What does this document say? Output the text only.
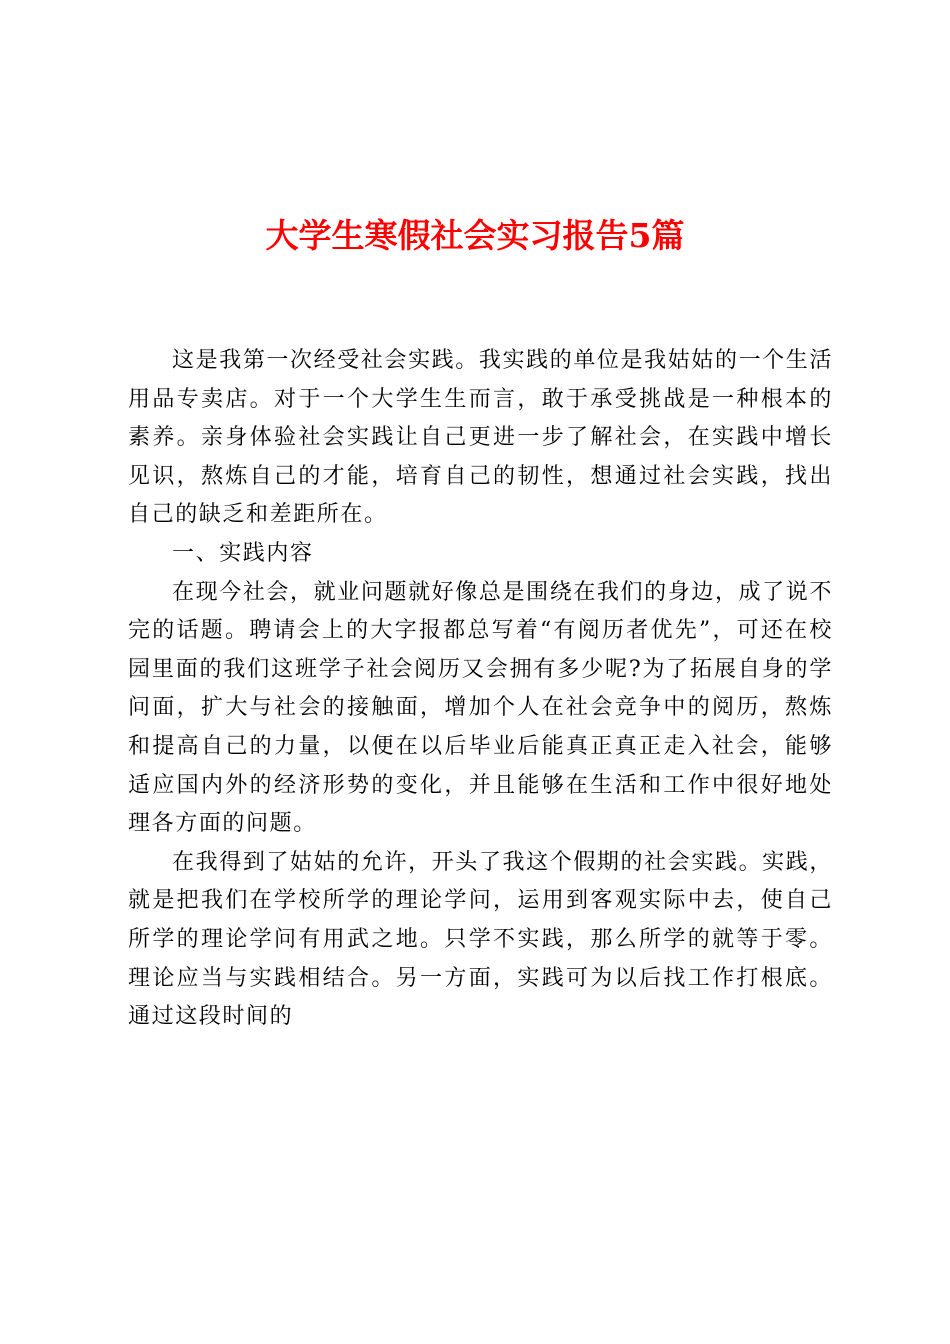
大学生寒假社会实习报告5篇

这是我第一次经受社会实践。我实践的单位是我姑姑的一个生活用品专卖店。对于一个大学生生而言，敢于承受挑战是一种根本的素养。亲身体验社会实践让自己更进一步了解社会，在实践中增长见识，熬炼自己的才能，培育自己的韧性，想通过社会实践，找出自己的缺乏和差距所在。

一、实践内容

在现今社会，就业问题就好像总是围绕在我们的身边，成了说不完的话题。聘请会上的大字报都总写着“有阅历者优先”，可还在校园里面的我们这班学子社会阅历又会拥有多少呢?为了拓展自身的学问面，扩大与社会的接触面，增加个人在社会竞争中的阅历，熬炼和提高自己的力量，以便在以后毕业后能真正真正走入社会，能够适应国内外的经济形势的变化，并且能够在生活和工作中很好地处理各方面的问题。

在我得到了姑姑的允许，开头了我这个假期的社会实践。实践，就是把我们在学校所学的理论学问，运用到客观实际中去，使自己所学的理论学问有用武之地。只学不实践，那么所学的就等于零。理论应当与实践相结合。另一方面，实践可为以后找工作打根底。通过这段时间的
